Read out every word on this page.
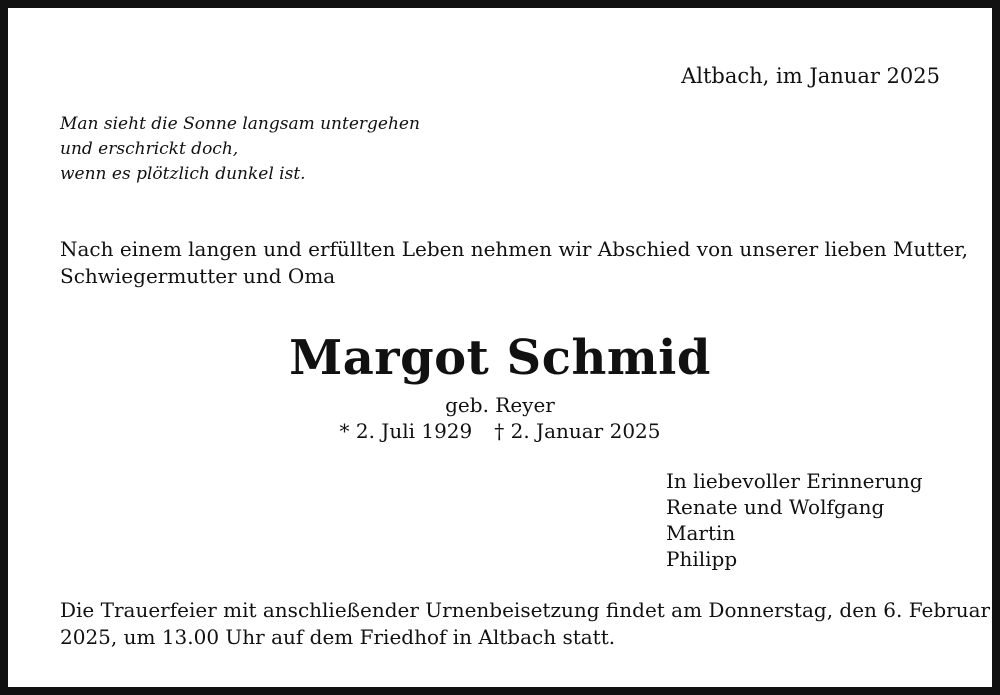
Altbach, im Januar 2025
Man sieht die Sonne langsam untergehen
und erschrickt doch,
wenn es plötzlich dunkel ist.
Nach einem langen und erfüllten Leben nehmen wir Abschied von unserer lieben Mutter,
Schwiegermutter und Oma
Margot Schmid
geb. Reyer
* 2. Juli 1929 † 2. Januar 2025
In liebevoller Erinnerung
Renate und Wolfgang
Martin
Philipp
Die Trauerfeier mit anschließender Urnenbeisetzung findet am Donnerstag, den 6. Februar
2025, um 13.00 Uhr auf dem Friedhof in Altbach statt.
